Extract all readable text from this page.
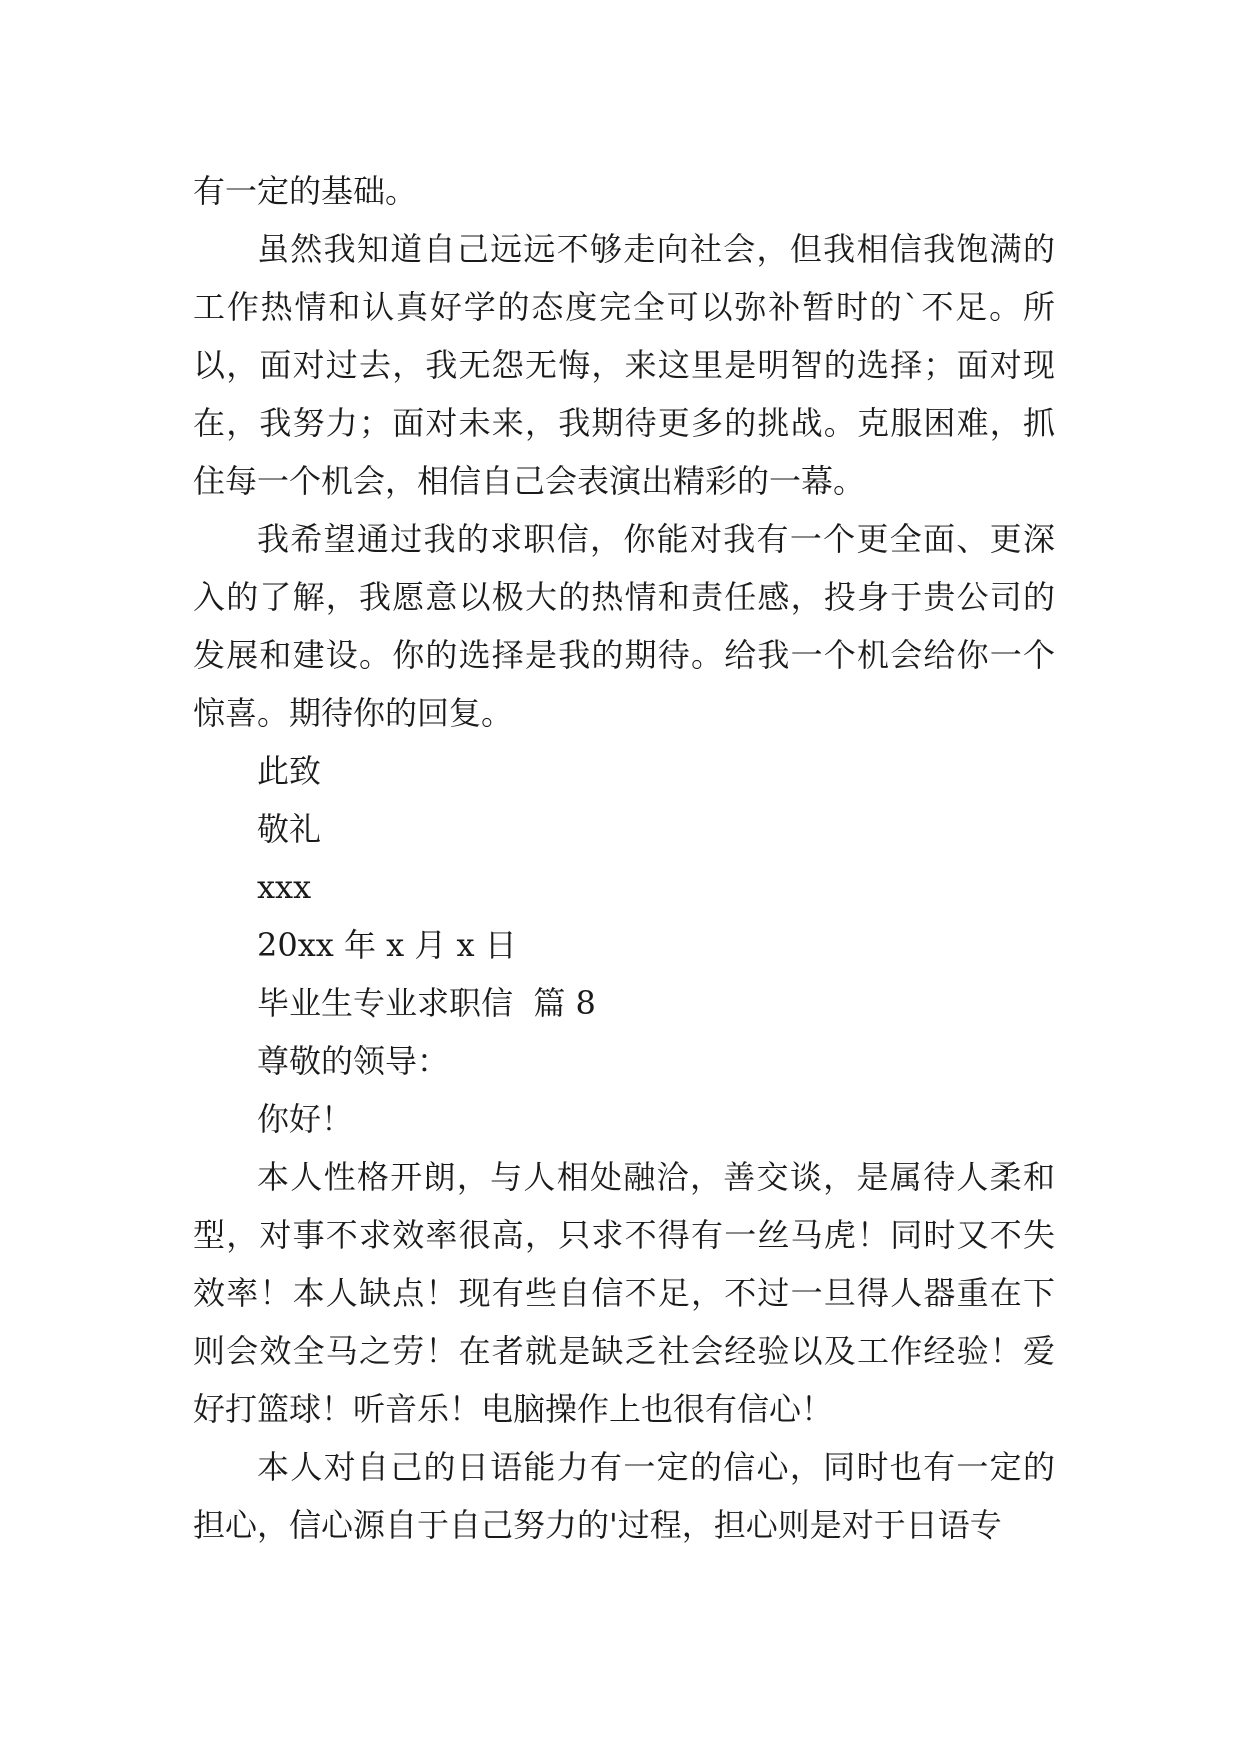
有一定的基础。

虽然我知道自己远远不够走向社会，但我相信我饱满的工作热情和认真好学的态度完全可以弥补暂时的`不足。所以，面对过去，我无怨无悔，来这里是明智的选择；面对现在，我努力；面对未来，我期待更多的挑战。克服困难，抓住每一个机会，相信自己会表演出精彩的一幕。

我希望通过我的求职信，你能对我有一个更全面、更深入的了解，我愿意以极大的热情和责任感，投身于贵公司的发展和建设。你的选择是我的期待。给我一个机会给你一个惊喜。期待你的回复。

此致

敬礼

xxx

20xx 年 x 月 x 日

毕业生专业求职信  篇 8

尊敬的领导：

你好！

本人性格开朗，与人相处融洽，善交谈，是属待人柔和型，对事不求效率很高，只求不得有一丝马虎！同时又不失效率！本人缺点！现有些自信不足，不过一旦得人器重在下则会效全马之劳！在者就是缺乏社会经验以及工作经验！爱好打篮球！听音乐！电脑操作上也很有信心！

本人对自己的日语能力有一定的信心，同时也有一定的担心，信心源自于自己努力的'过程，担心则是对于日语专
